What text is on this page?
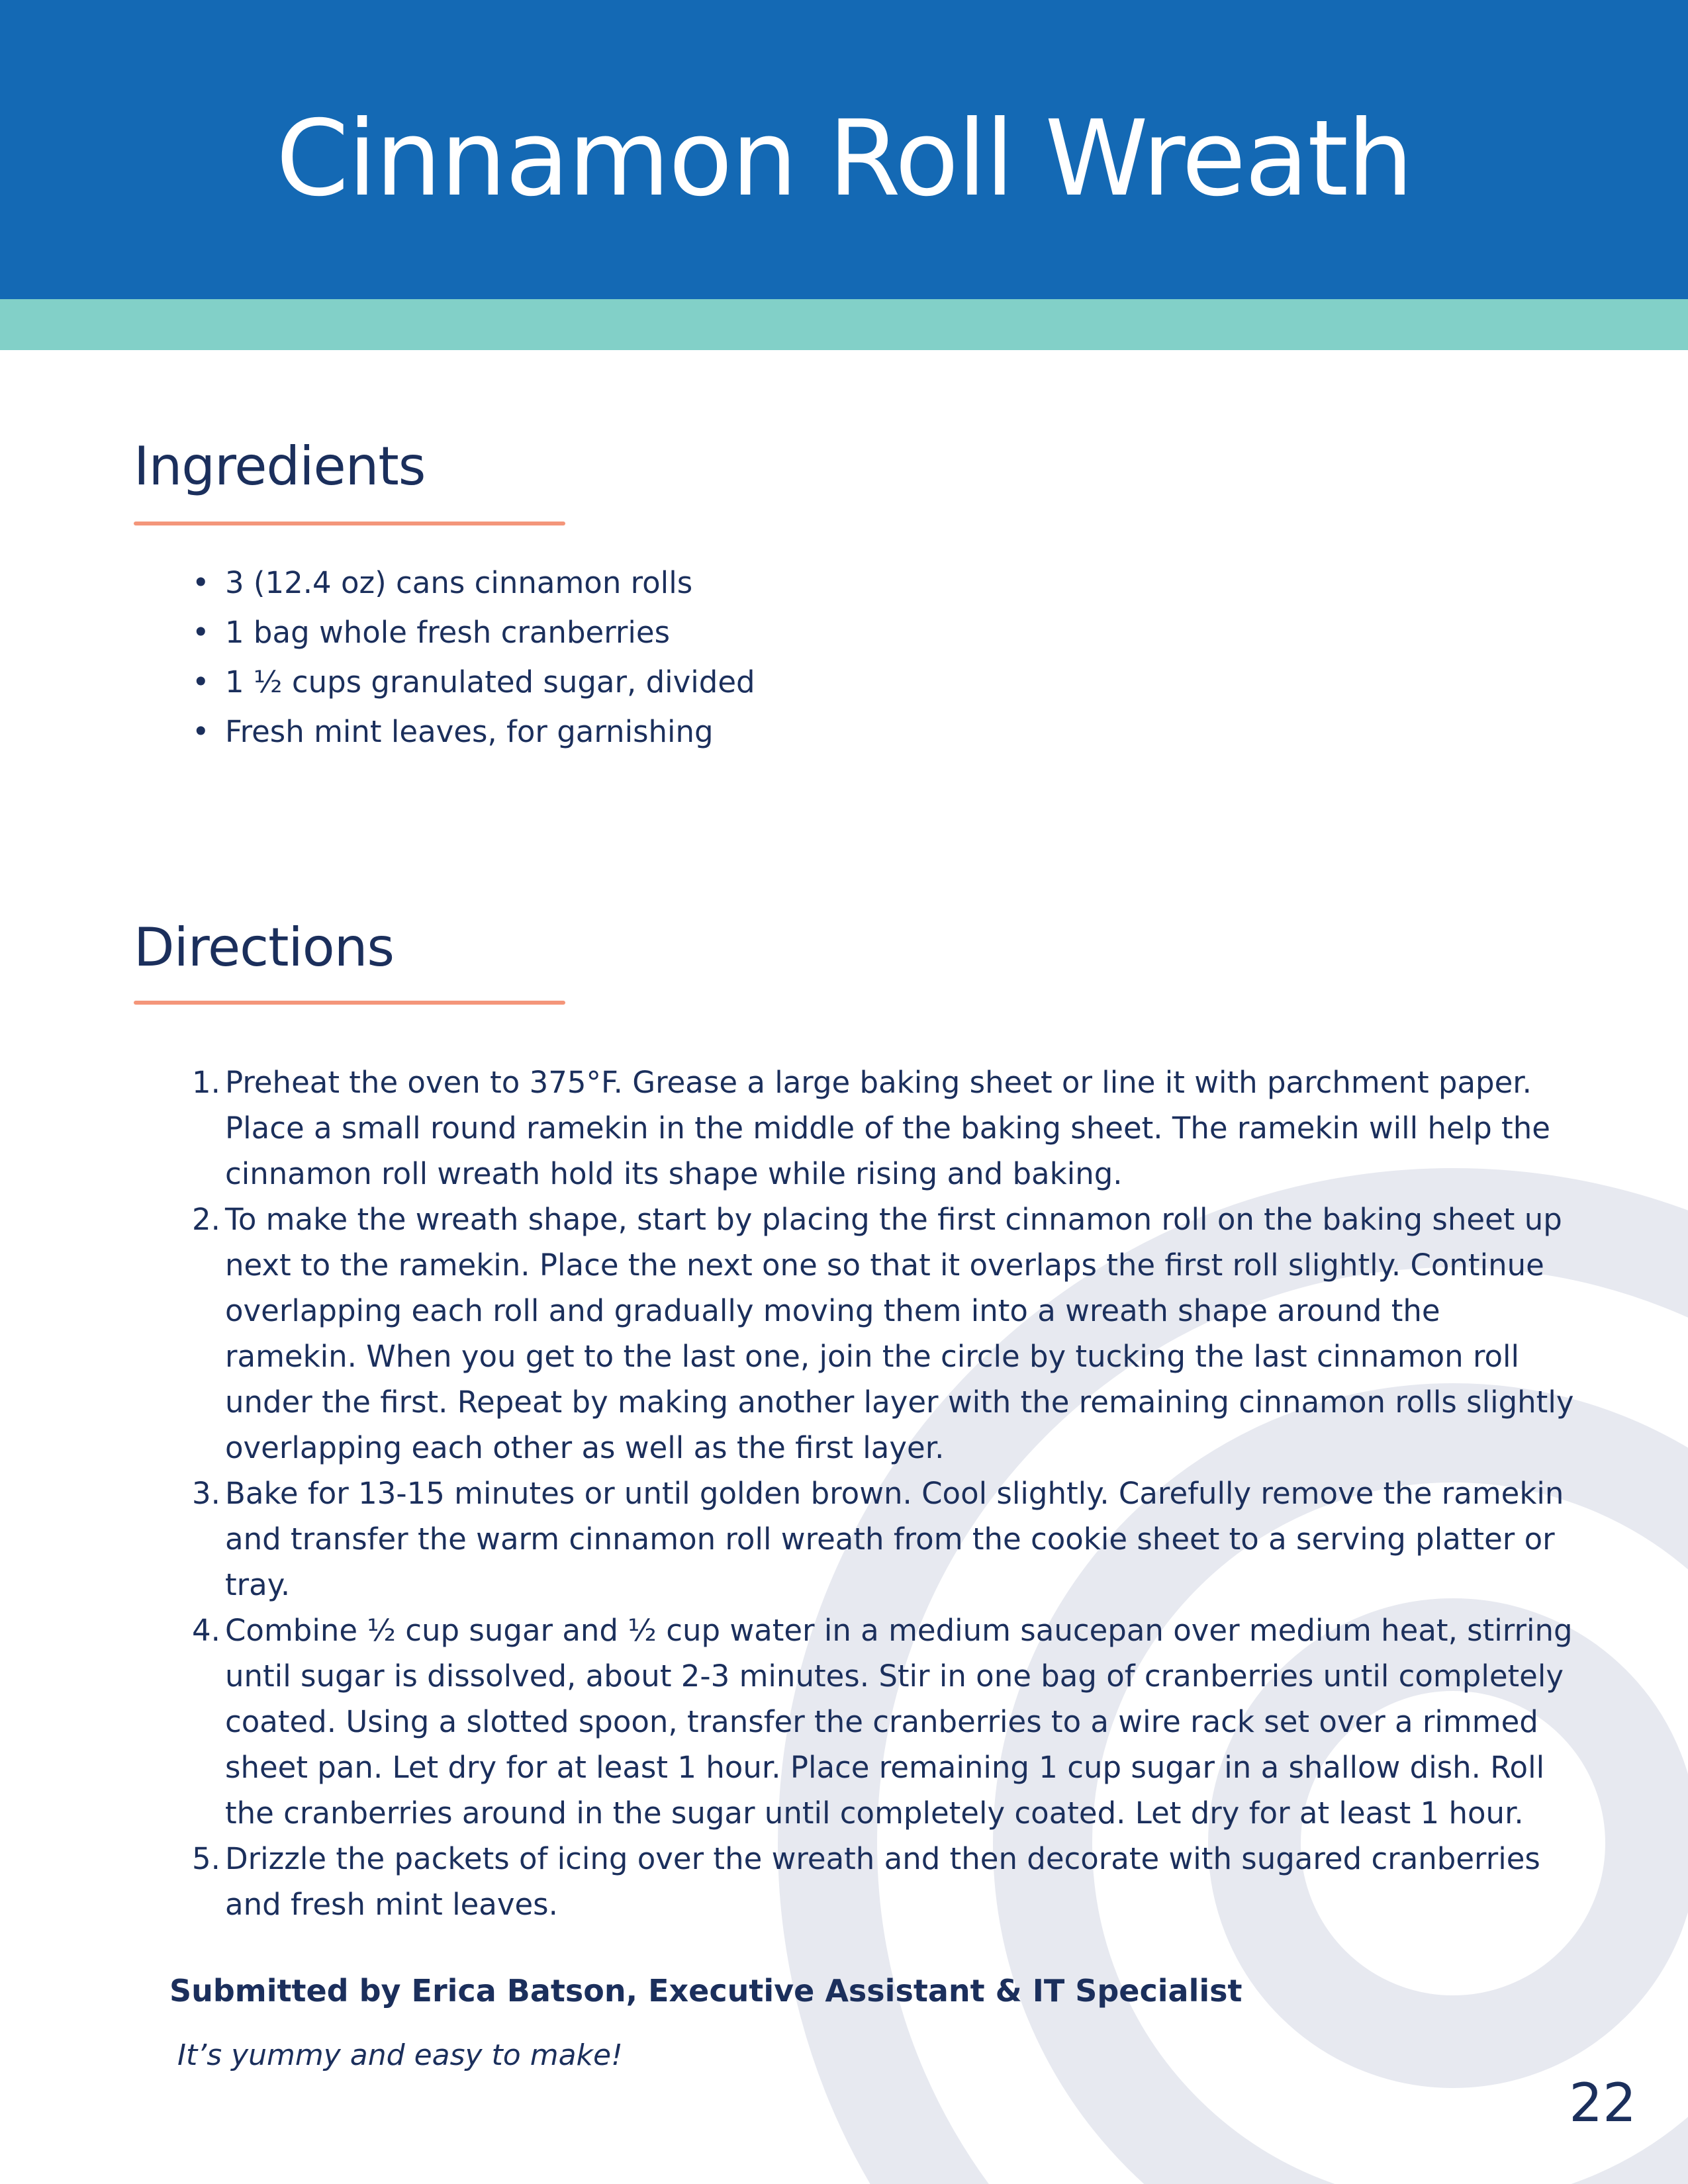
Cinnamon Roll Wreath
Ingredients
• 3 (12.4 oz) cans cinnamon rolls
• 1 bag whole fresh cranberries
• 1 ½ cups granulated sugar, divided
• Fresh mint leaves, for garnishing
Directions
1. Preheat the oven to 375°F. Grease a large baking sheet or line it with parchment paper. Place a small round ramekin in the middle of the baking sheet. The ramekin will help the cinnamon roll wreath hold its shape while rising and baking.
2. To make the wreath shape, start by placing the first cinnamon roll on the baking sheet up next to the ramekin. Place the next one so that it overlaps the first roll slightly. Continue overlapping each roll and gradually moving them into a wreath shape around the ramekin. When you get to the last one, join the circle by tucking the last cinnamon roll under the first. Repeat by making another layer with the remaining cinnamon rolls slightly overlapping each other as well as the first layer.
3. Bake for 13-15 minutes or until golden brown. Cool slightly. Carefully remove the ramekin and transfer the warm cinnamon roll wreath from the cookie sheet to a serving platter or tray.
4. Combine ½ cup sugar and ½ cup water in a medium saucepan over medium heat, stirring until sugar is dissolved, about 2-3 minutes. Stir in one bag of cranberries until completely coated. Using a slotted spoon, transfer the cranberries to a wire rack set over a rimmed sheet pan. Let dry for at least 1 hour. Place remaining 1 cup sugar in a shallow dish. Roll the cranberries around in the sugar until completely coated. Let dry for at least 1 hour.
5. Drizzle the packets of icing over the wreath and then decorate with sugared cranberries and fresh mint leaves.

Submitted by Erica Batson, Executive Assistant & IT Specialist

It’s yummy and easy to make!

22
